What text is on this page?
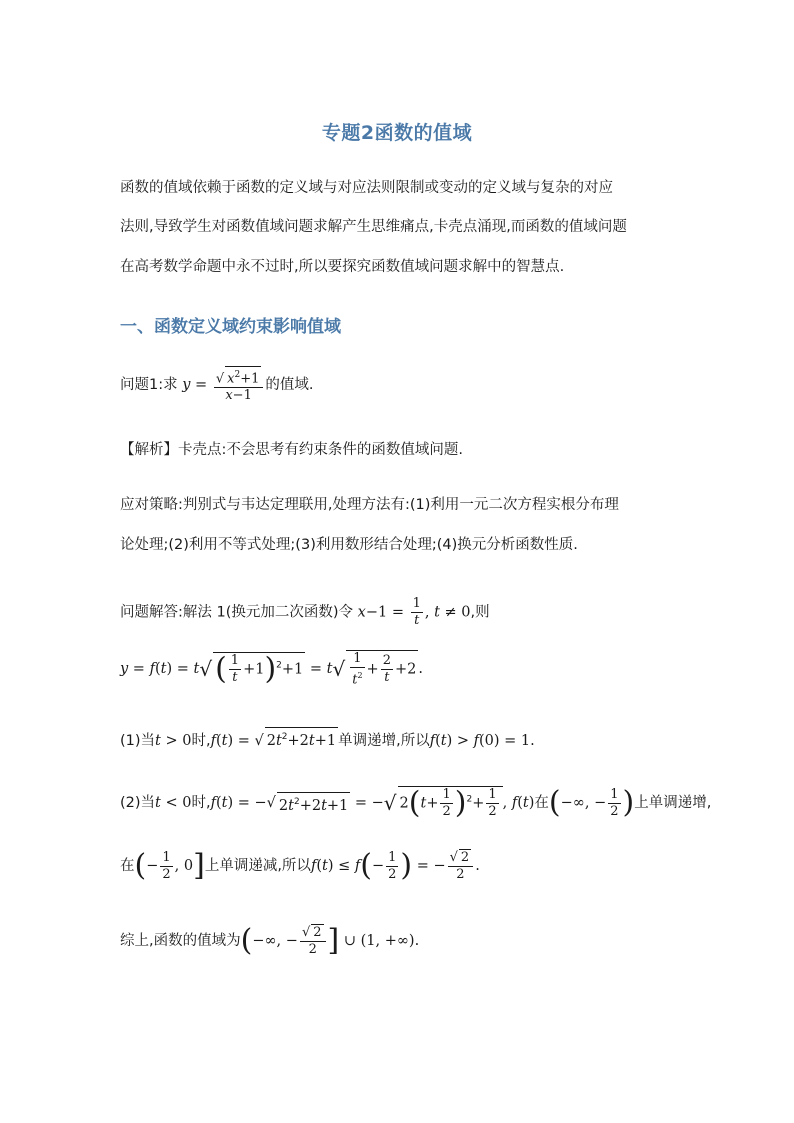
专题2函数的值域
函数的值域依赖于函数的定义域与对应法则限制或变动的定义域与复杂的对应
法则,导致学生对函数值域问题求解产生思维痛点,卡壳点涌现,而函数的值域问题
在高考数学命题中永不过时,所以要探究函数值域问题求解中的智慧点.
一、函数定义域约束影响值域
问题1:求 $y = \frac{√ x^2+1}{x-1}$ 的值域.
【解析】卡壳点:不会思考有约束条件的函数值域问题.
应对策略:判别式与韦达定理联用,处理方法有:(1)利用一元二次方程实根分布理
论处理;(2)利用不等式处理;(3)利用数形结合处理;(4)换元分析函数性质.
问题解答:解法 1(换元加二次函数)令 $x-1 = \frac{1}{t}$ , t ≠ 0,则
y = f(t) = t√ ( $\frac{1}{t} +1)^2+1 = t√ \frac{1}{t^2} + \frac{2}{t} +2$ .
(1)当t > 0时,f(t) = √ $2t^2+2t+1$ 单调递增,所以f(t) > f(0) = 1.
(2)当t < 0时,f(t) = −√ $2t^2+2t+1$ = −√ $2(t+ \frac{1}{2} )^2+ \frac{1}{2}$ , f(t)在(−∞, − $\frac{1}{2}$ )上单调递增,
在(− $\frac{1}{2}$ , 0]上单调递减,所以$f(t) \le f(- \frac{1}{2}$ ) = − $\frac{√ 2}{2}$ .
综上,函数的值域为(−∞, − $\frac{√ 2}{2}$ ] ∪ (1, +∞).
